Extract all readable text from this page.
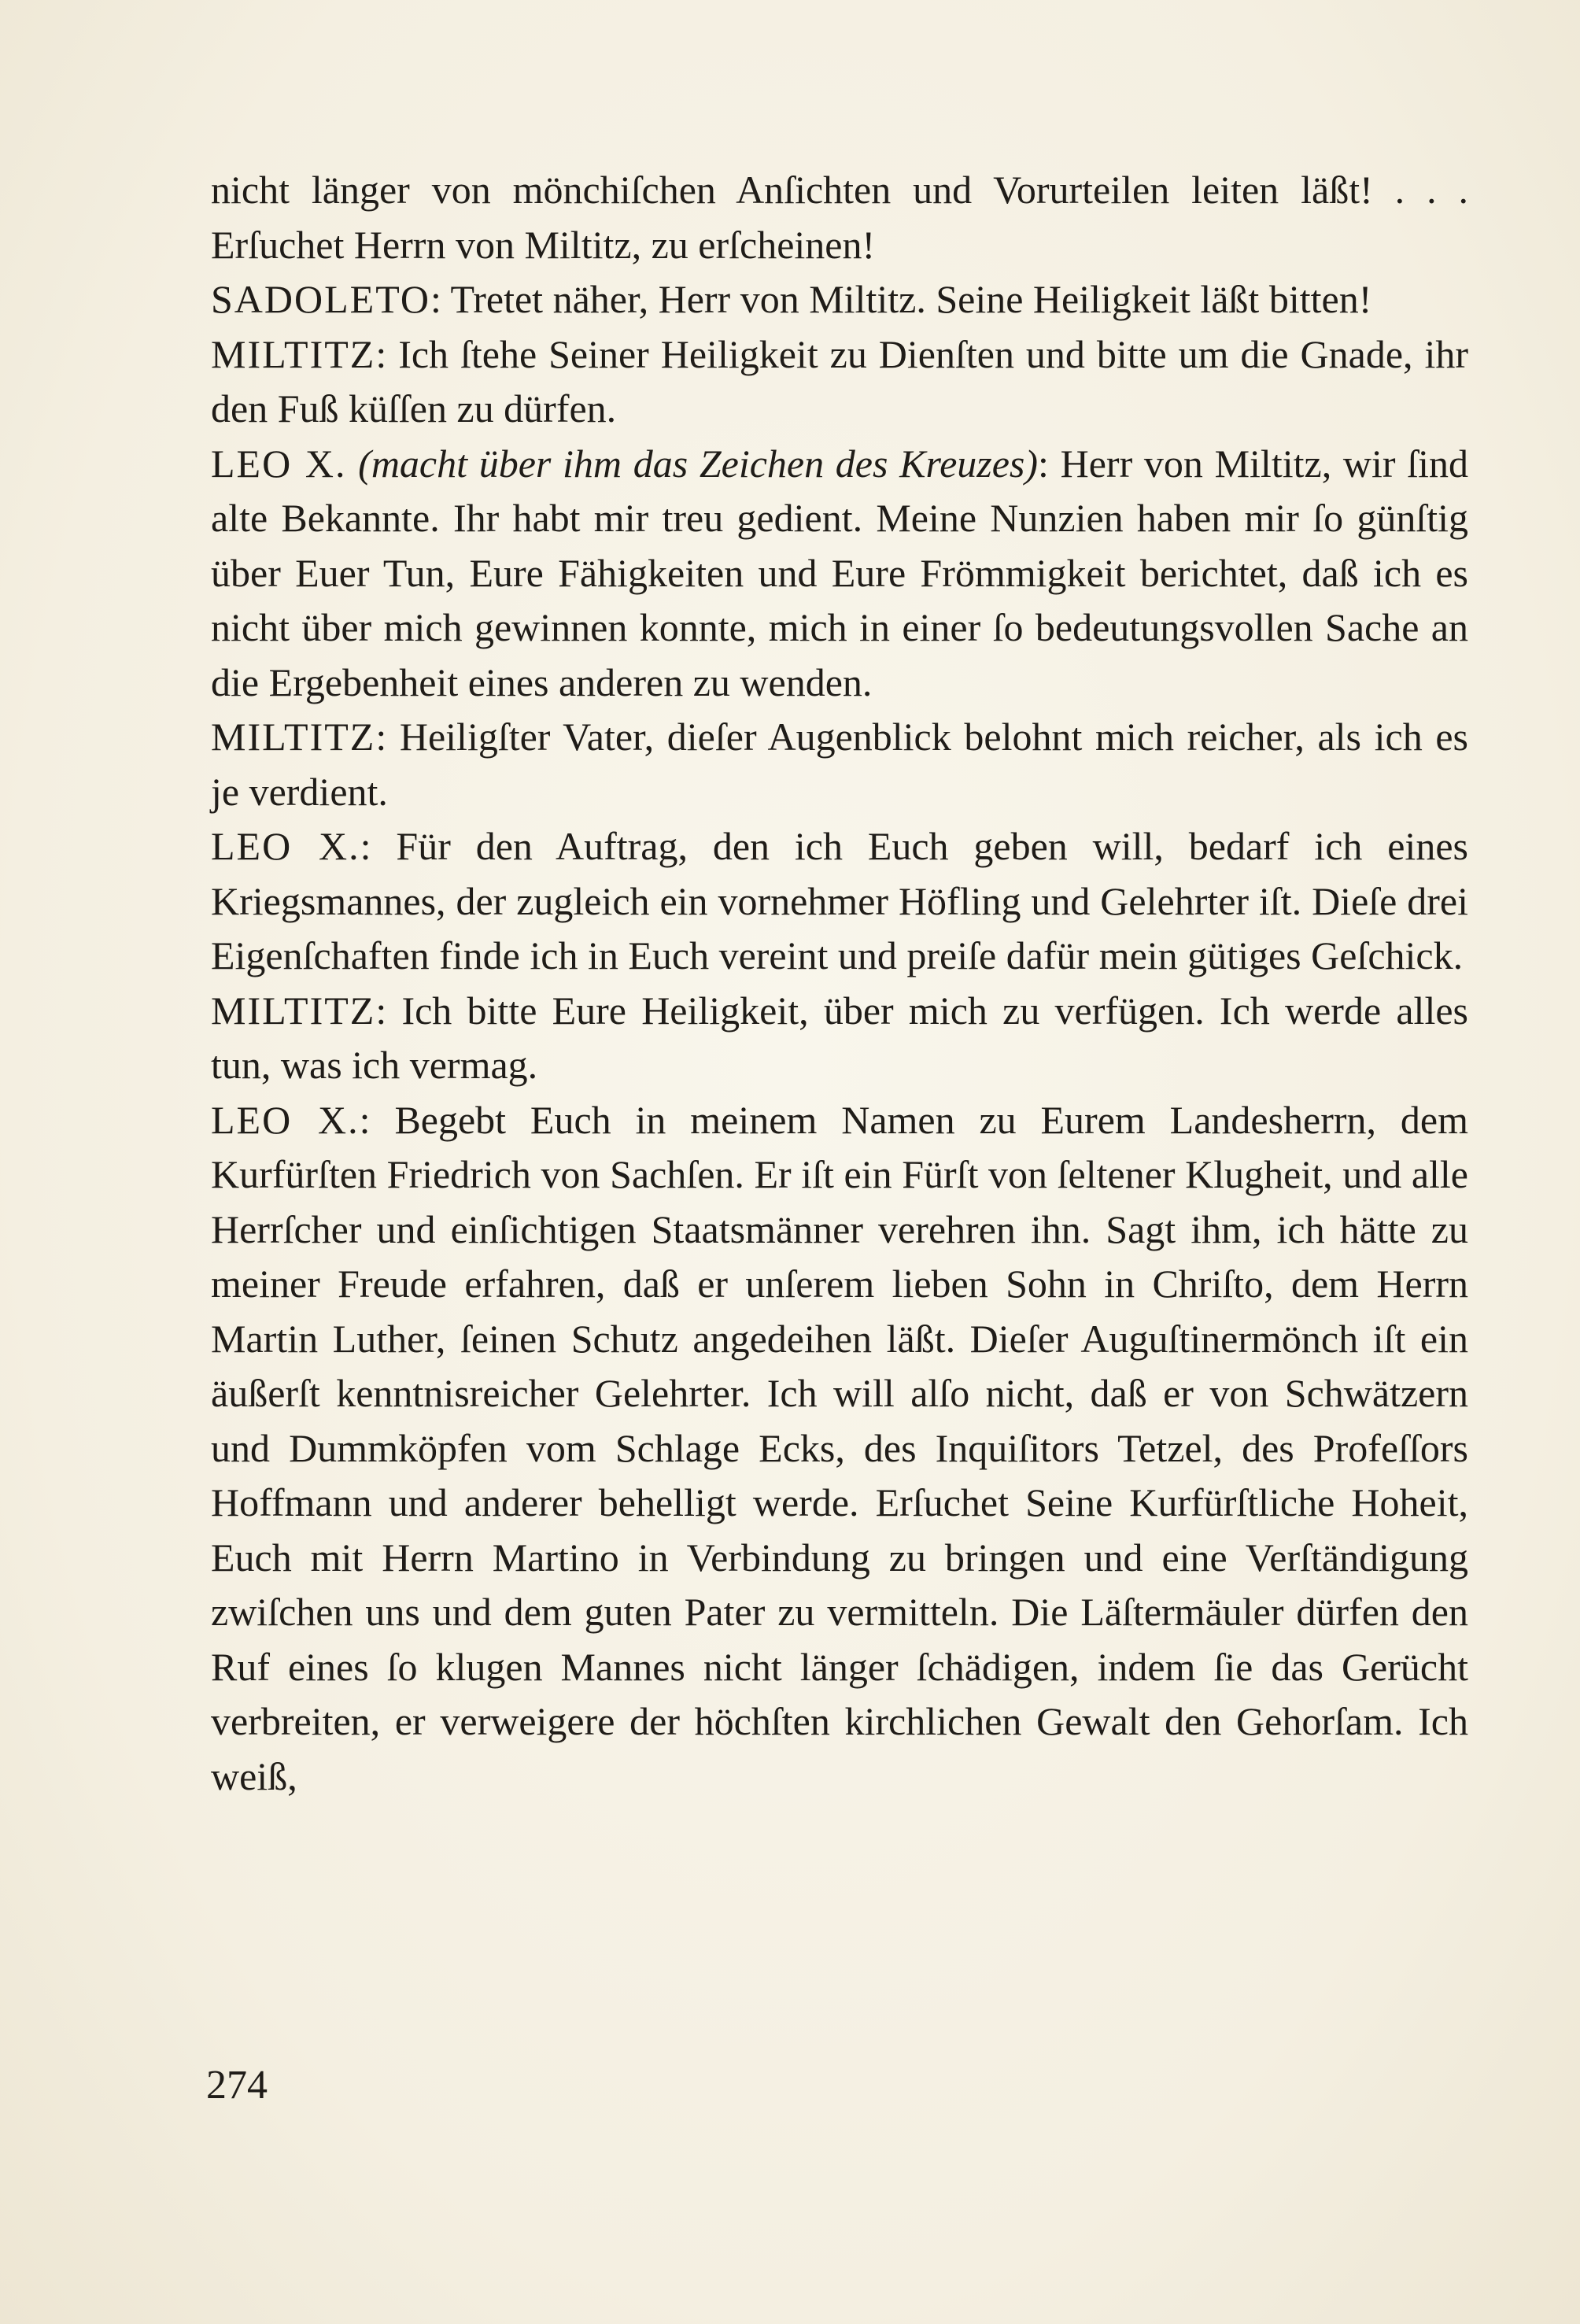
nicht länger von mönchiſchen Anſichten und Vorurteilen leiten läßt! . . . Erſuchet Herrn von Miltitz, zu erſcheinen!

SADOLETO: Tretet näher, Herr von Miltitz. Seine Heiligkeit läßt bitten!

MILTITZ: Ich ſtehe Seiner Heiligkeit zu Dienſten und bitte um die Gnade, ihr den Fuß küſſen zu dürfen.

LEO X. (macht über ihm das Zeichen des Kreuzes): Herr von Miltitz, wir ſind alte Bekannte. Ihr habt mir treu gedient. Meine Nunzien haben mir ſo günſtig über Euer Tun, Eure Fähigkeiten und Eure Frömmigkeit berichtet, daß ich es nicht über mich gewinnen konnte, mich in einer ſo bedeutungsvollen Sache an die Ergebenheit eines anderen zu wenden.

MILTITZ: Heiligſter Vater, dieſer Augenblick belohnt mich reicher, als ich es je verdient.

LEO X.: Für den Auftrag, den ich Euch geben will, bedarf ich eines Kriegsmannes, der zugleich ein vornehmer Höfling und Gelehrter iſt. Dieſe drei Eigenſchaften finde ich in Euch vereint und preiſe dafür mein gütiges Geſchick.

MILTITZ: Ich bitte Eure Heiligkeit, über mich zu verfügen. Ich werde alles tun, was ich vermag.

LEO X.: Begebt Euch in meinem Namen zu Eurem Landesherrn, dem Kurfürſten Friedrich von Sachſen. Er iſt ein Fürſt von ſeltener Klugheit, und alle Herrſcher und einſichtigen Staatsmänner verehren ihn. Sagt ihm, ich hätte zu meiner Freude erfahren, daß er unſerem lieben Sohn in Chriſto, dem Herrn Martin Luther, ſeinen Schutz angedeihen läßt. Dieſer Auguſtinermönch iſt ein äußerſt kenntnisreicher Gelehrter. Ich will alſo nicht, daß er von Schwätzern und Dummköpfen vom Schlage Ecks, des Inquiſitors Tetzel, des Profeſſors Hoffmann und anderer behelligt werde. Erſuchet Seine Kurfürſtliche Hoheit, Euch mit Herrn Martino in Verbindung zu bringen und eine Verſtändigung zwiſchen uns und dem guten Pater zu vermitteln. Die Läſtermäuler dürfen den Ruf eines ſo klugen Mannes nicht länger ſchädigen, indem ſie das Gerücht verbreiten, er verweigere der höchſten kirchlichen Gewalt den Gehorſam. Ich weiß,

274
